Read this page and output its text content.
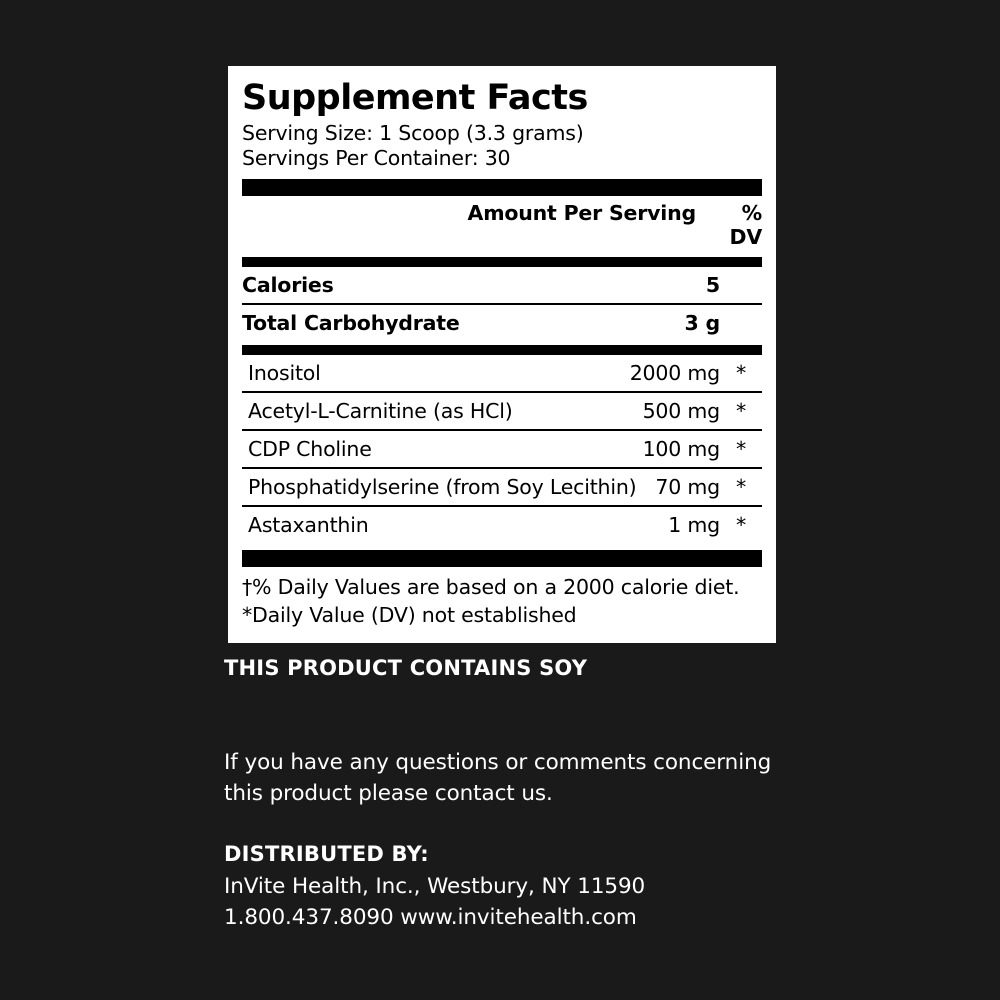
Supplement Facts
Serving Size: 1 Scoop (3.3 grams)
Servings Per Container: 30
Amount Per Serving	% DV
Calories	5
Total Carbohydrate	3 g
Inositol	2000 mg *
Acetyl-L-Carnitine (as HCl)	500 mg *
CDP Choline	100 mg *
Phosphatidylserine (from Soy Lecithin) 70 mg *
Astaxanthin	1 mg *
†% Daily Values are based on a 2000 calorie diet.
*Daily Value (DV) not established
THIS PRODUCT CONTAINS SOY
If you have any questions or comments concerning
this product please contact us.
DISTRIBUTED BY:
InVite Health, Inc., Westbury, NY 11590
1.800.437.8090 www.invitehealth.com
